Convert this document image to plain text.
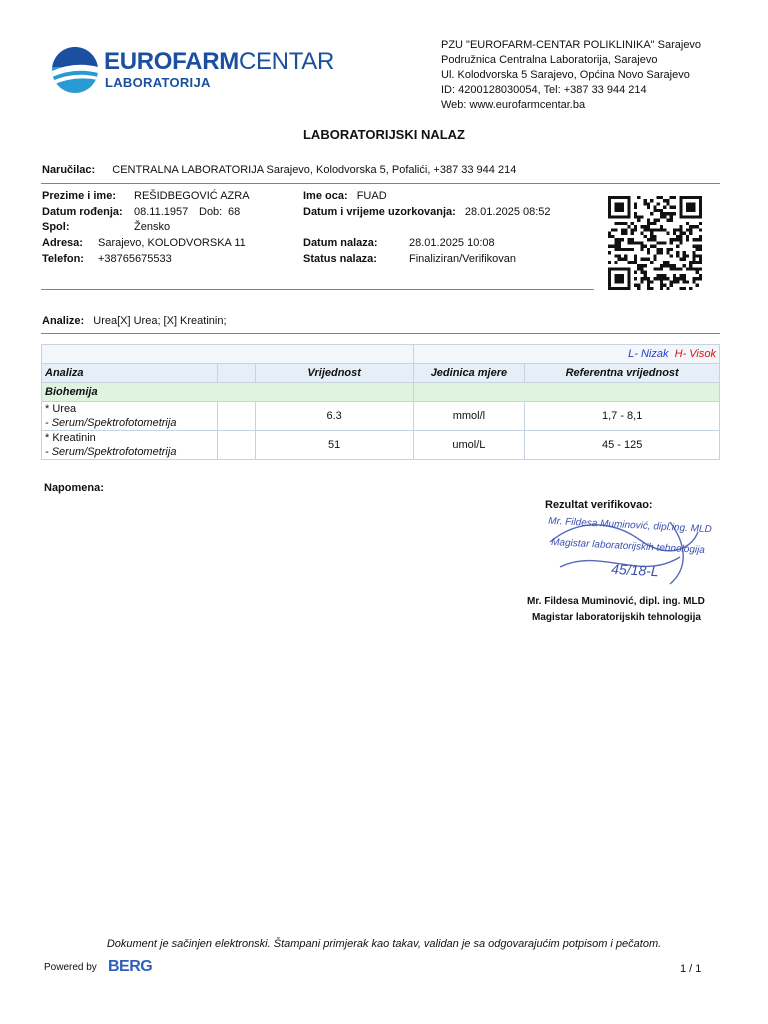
EUROFARMCENTAR
LABORATORIJA
PZU "EUROFARM-CENTAR POLIKLINIKA" Sarajevo
Podružnica Centralna Laboratorija, Sarajevo
Ul. Kolodvorska 5 Sarajevo, Općina Novo Sarajevo
ID: 4200128030054, Tel: +387 33 944 214
Web: www.eurofarmcentar.ba
LABORATORIJSKI NALAZ
Naručilac: CENTRALNA LABORATORIJA Sarajevo, Kolodvorska 5, Pofalići, +387 33 944 214
Prezime i ime: REŠIDBEGOVIĆ AZRA
Datum rođenja: 08.11.1957 Dob: 68
Spol:	Žensko
Adresa: Sarajevo, KOLODVORSKA 11
Telefon: +38765675533
Ime oca: FUAD
Datum i vrijeme uzorkovanja: 28.01.2025 08:52
Datum nalaza:	28.01.2025 10:08
Status nalaza:	Finaliziran/Verifikovan
Analize: Urea[X] Urea; [X] Kreatinin;
			L- Nizak H- Visok	
Analiza		Vrijednost	Jedinica mjere	Referentna vrijednost
Biohemija				

* Urea
- Serum/Spektrofotometrija		6.3	mmol/l	1,7 - 8,1

* Kreatinin
- Serum/Spektrofotometrija		51	umol/L	45 - 125
Napomena:
Rezultat verifikovao:
Mr. Fildesa Muminović, dipl.ing. MLD
Magistar laboratorijskih tehnologija
45/18-L
Mr. Fildesa Muminović, dipl. ing. MLD
Magistar laboratorijskih tehnologija
Dokument je sačinjen elektronski. Štampani primjerak kao takav, validan je sa odgovarajućim potpisom i pečatom.
Powered by BERG	1 / 1
